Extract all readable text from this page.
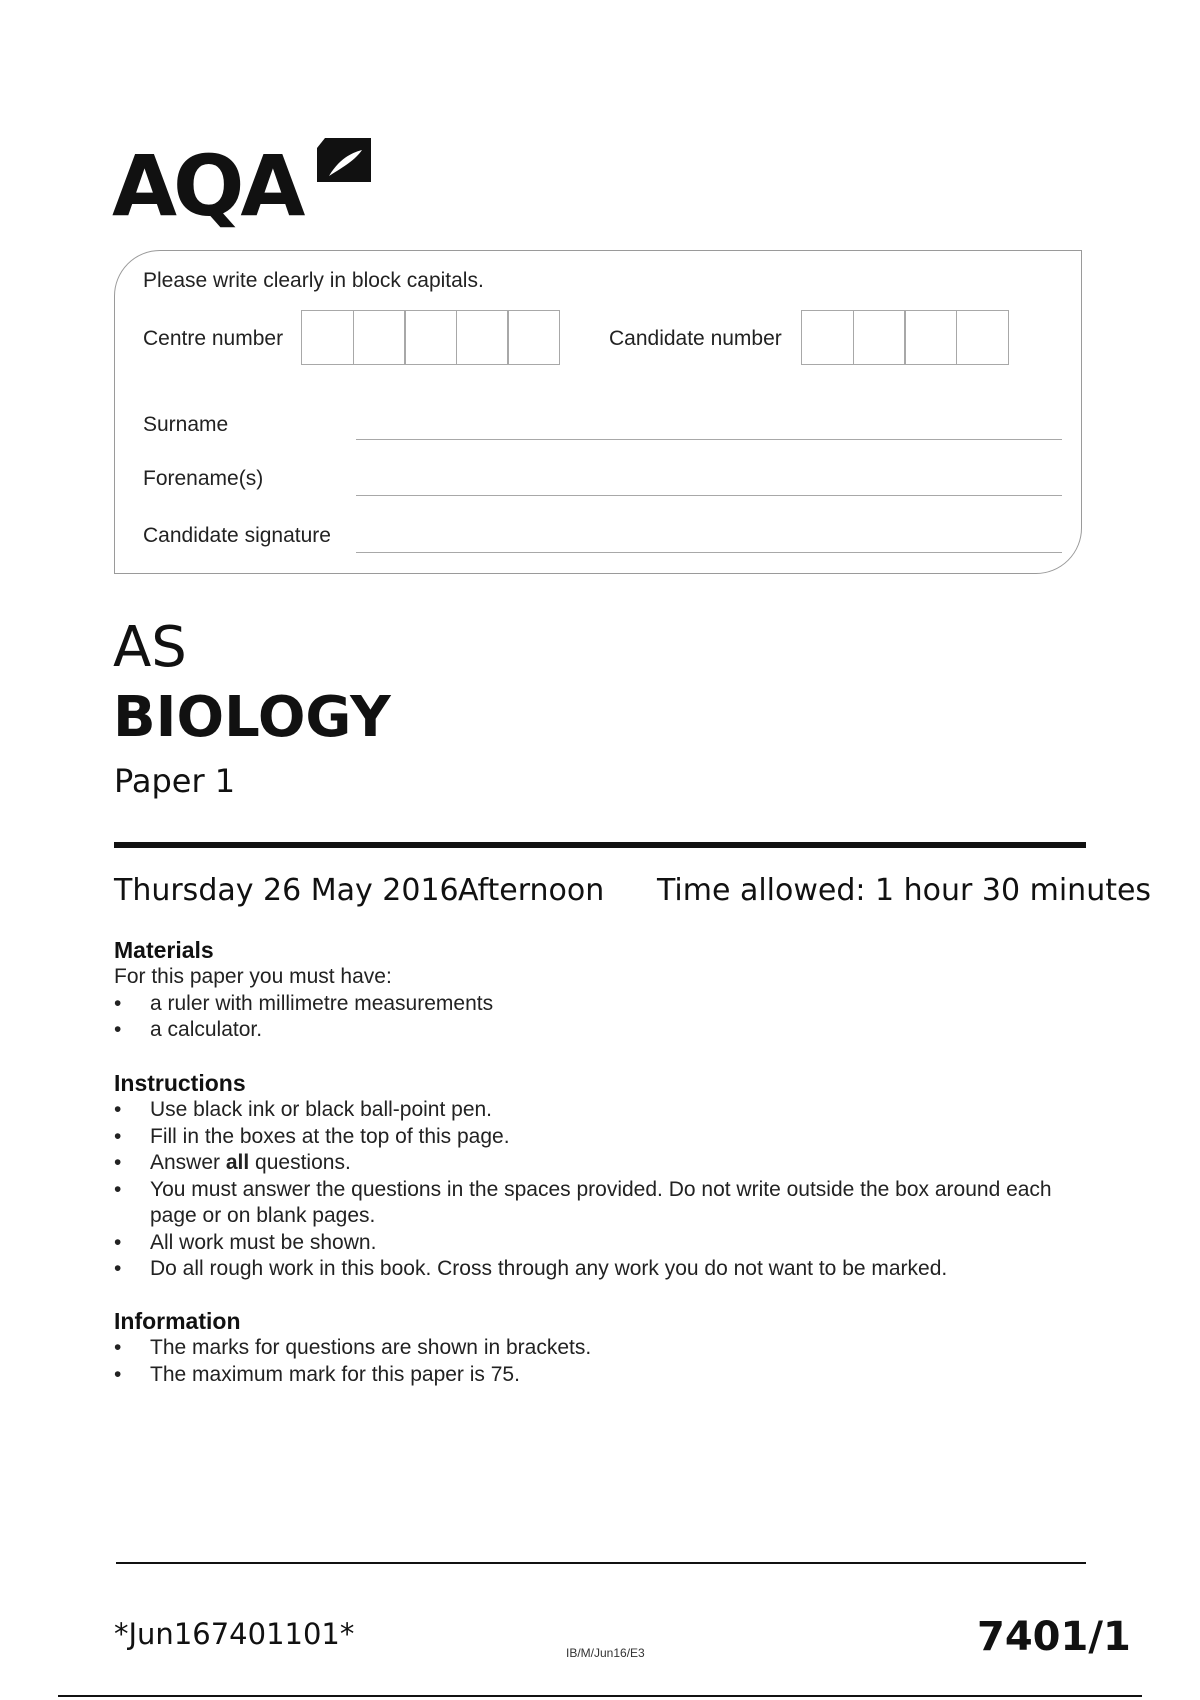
AQA
Please write clearly in block capitals.
Centre number	Candidate number
Surname
Forename(s)
Candidate signature
AS
BIOLOGY
Paper 1
Thursday 26 May 2016 Afternoon Time allowed: 1 hour 30 minutes
Materials

For this paper you must have:

• a ruler with millimetre measurements
• a calculator.
Instructions
• Use black ink or black ball-point pen.
• Fill in the boxes at the top of this page.
• Answer all questions.
• You must answer the questions in the spaces provided. Do not write outside the box around each page or on blank pages.
• All work must be shown.
• Do all rough work in this book. Cross through any work you do not want to be marked.
Information
• The marks for questions are shown in brackets.
• The maximum mark for this paper is 75.
*Jun167401101*
IB/M/Jun16/E3	7401/1
